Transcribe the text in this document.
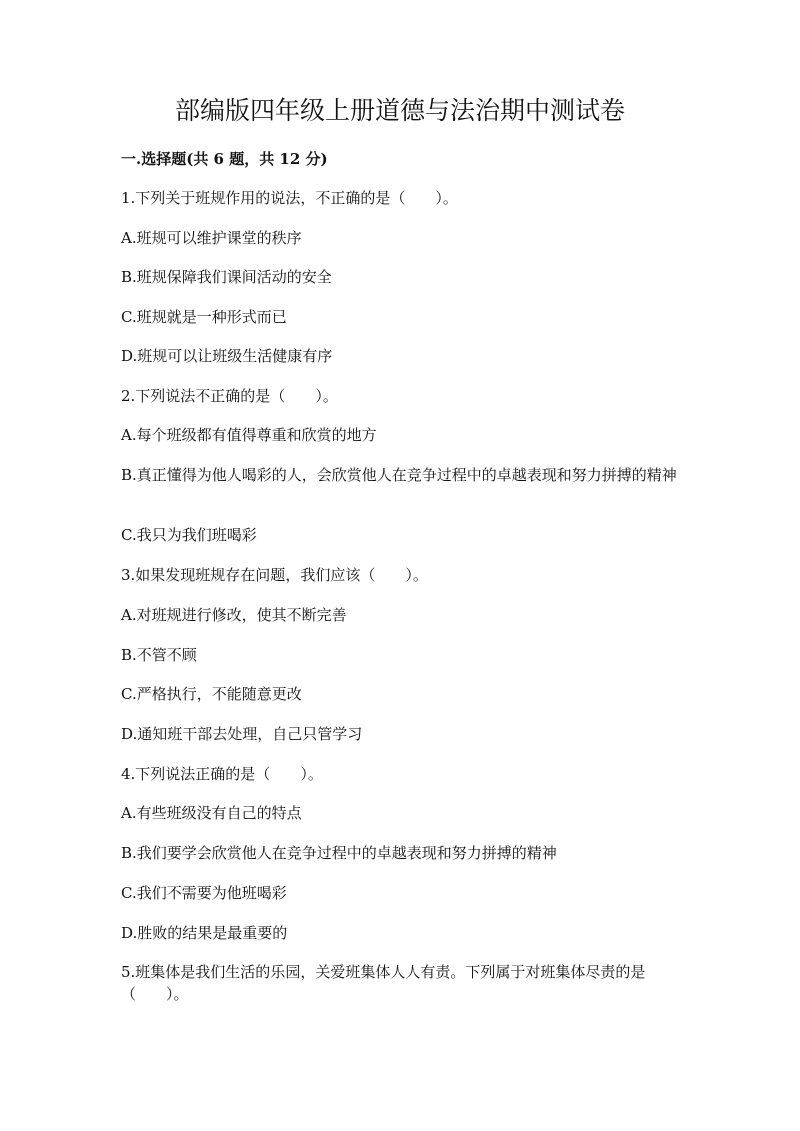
部编版四年级上册道德与法治期中测试卷
一.选择题(共 6 题，共 12 分)
1.下列关于班规作用的说法，不正确的是（　　）。
A.班规可以维护课堂的秩序
B.班规保障我们课间活动的安全
C.班规就是一种形式而已
D.班规可以让班级生活健康有序
2.下列说法不正确的是（　　）。
A.每个班级都有值得尊重和欣赏的地方
B.真正懂得为他人喝彩的人，会欣赏他人在竞争过程中的卓越表现和努力拼搏的精神
C.我只为我们班喝彩
3.如果发现班规存在问题，我们应该（　　）。
A.对班规进行修改，使其不断完善
B.不管不顾
C.严格执行，不能随意更改
D.通知班干部去处理，自己只管学习
4.下列说法正确的是（　　）。
A.有些班级没有自己的特点
B.我们要学会欣赏他人在竞争过程中的卓越表现和努力拼搏的精神
C.我们不需要为他班喝彩
D.胜败的结果是最重要的
5.班集体是我们生活的乐园，关爱班集体人人有责。下列属于对班集体尽责的是（　　）。
